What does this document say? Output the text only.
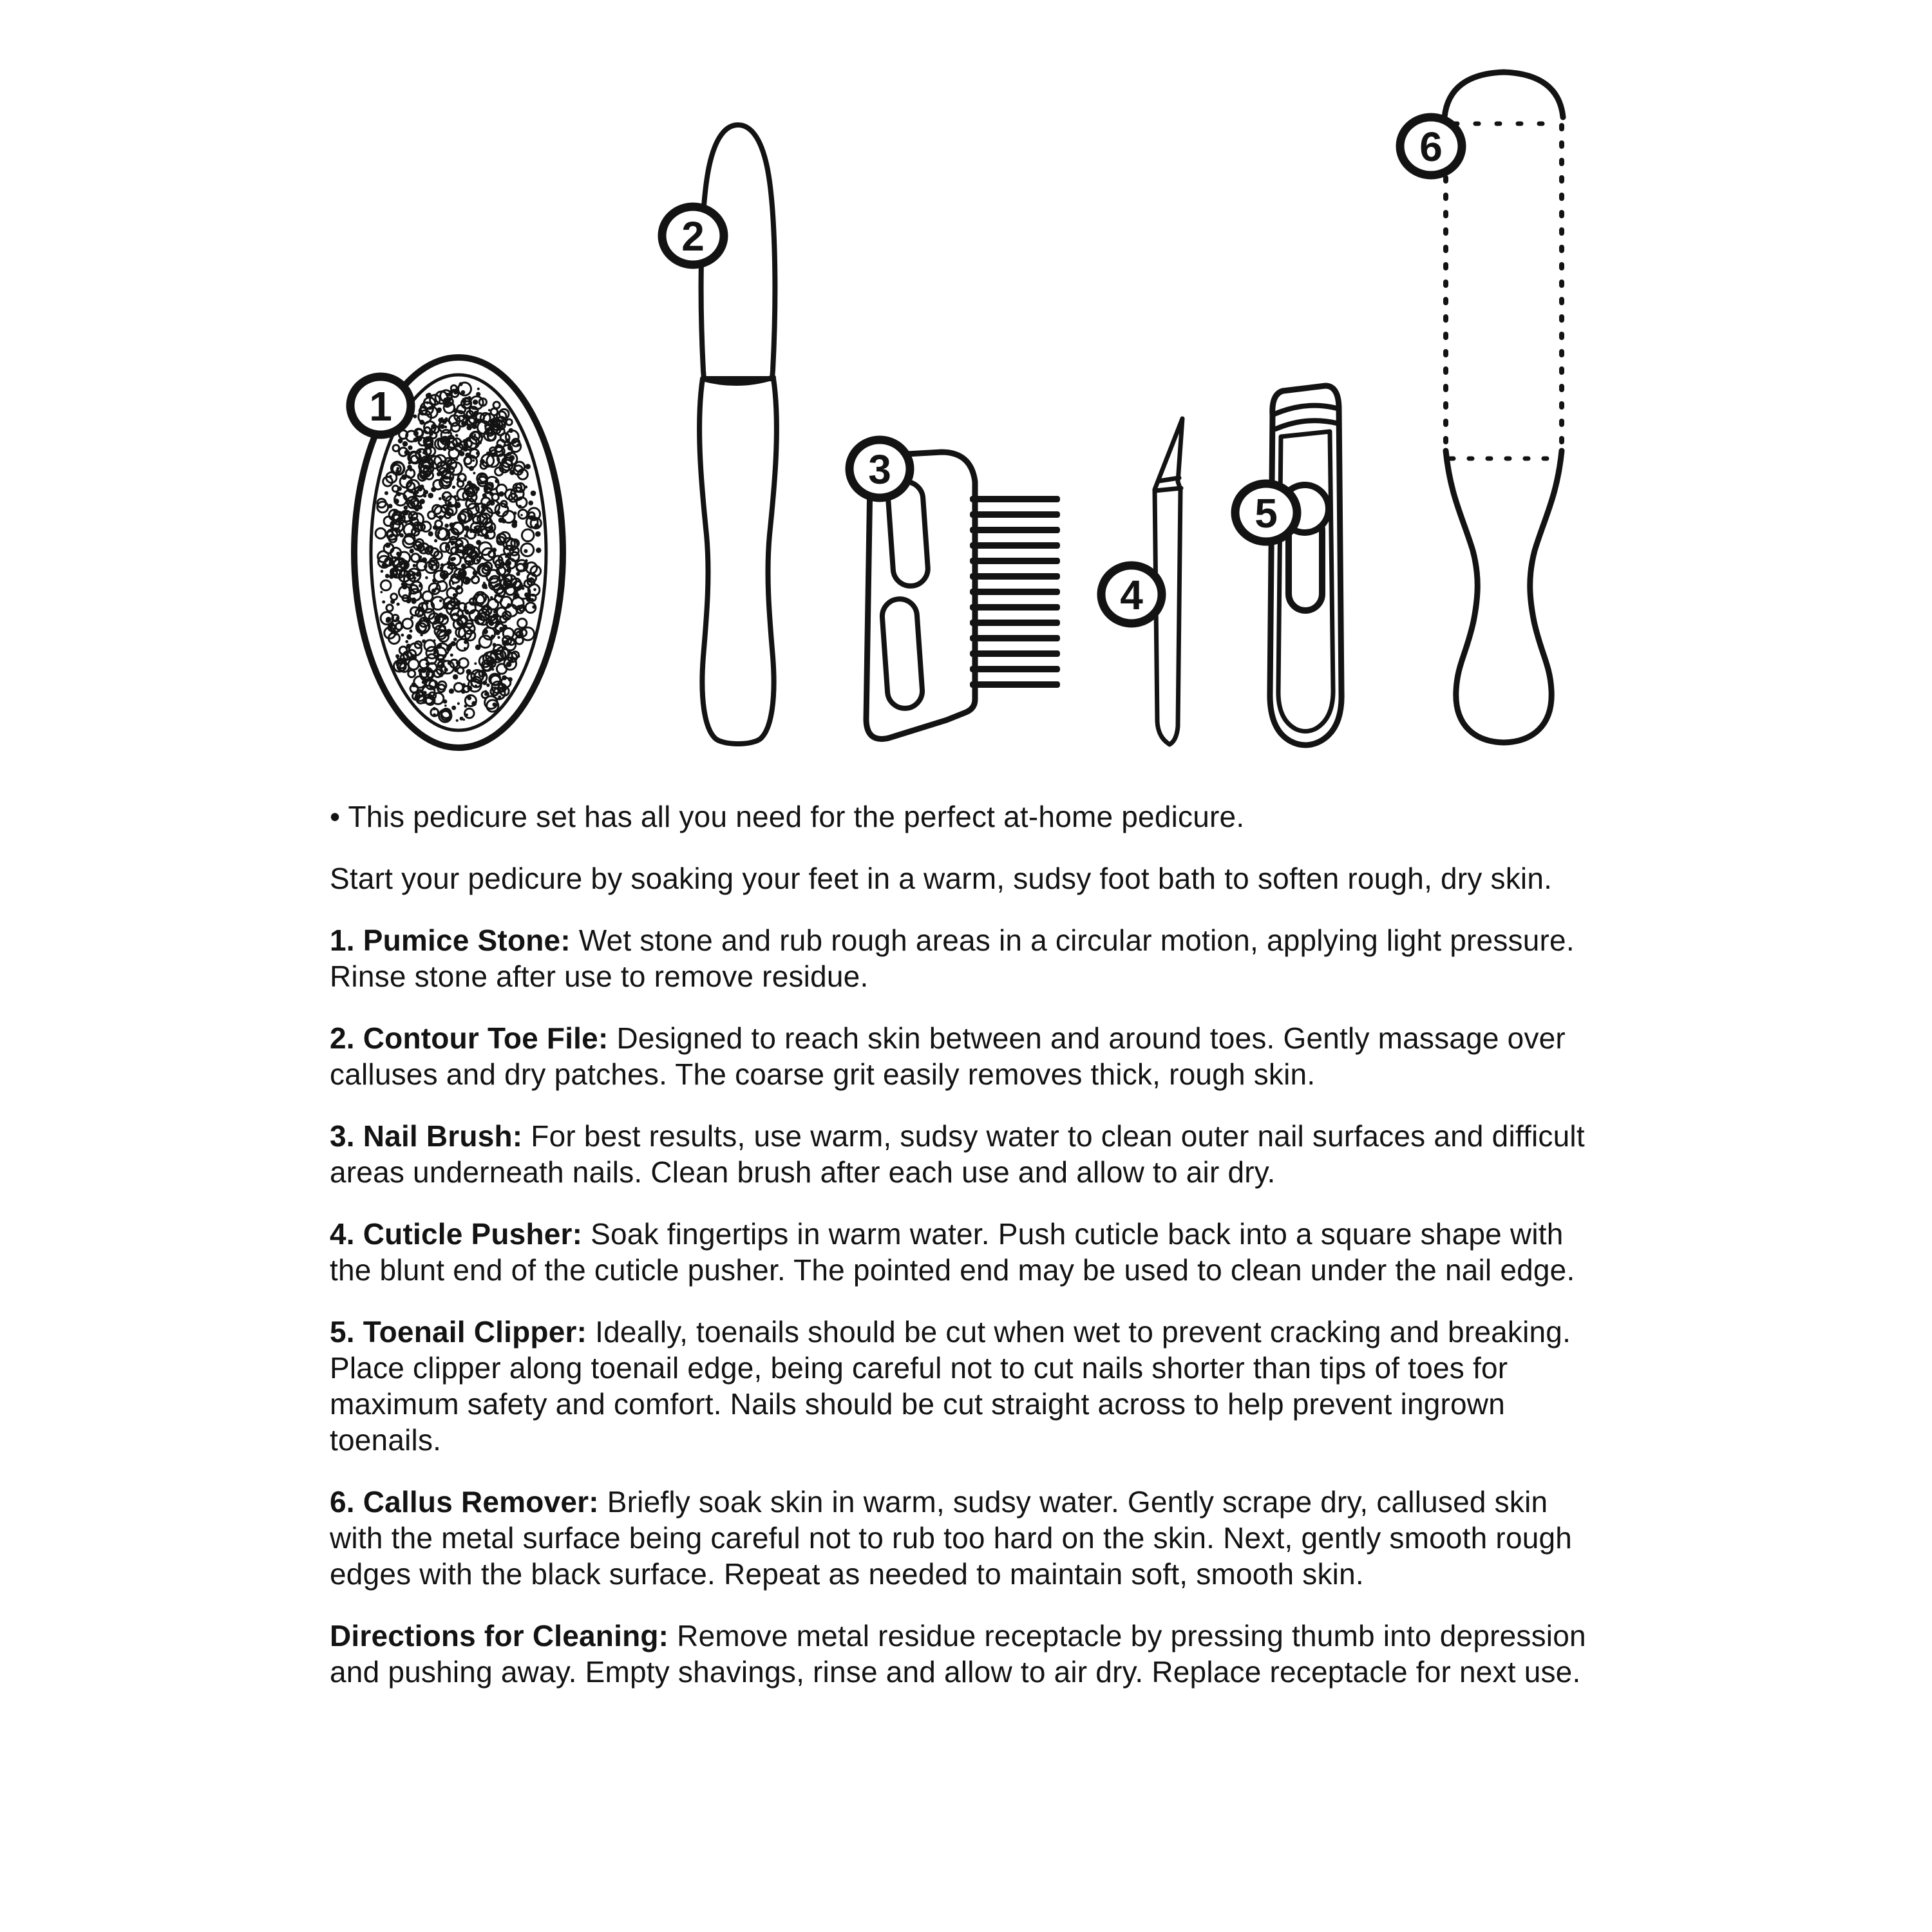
1
2
3
4
5
6

• This pedicure set has all you need for the perfect at-home pedicure.

Start your pedicure by soaking your feet in a warm, sudsy foot bath to soften rough, dry skin.

1. Pumice Stone: Wet stone and rub rough areas in a circular motion, applying light pressure. Rinse stone after use to remove residue.

2. Contour Toe File: Designed to reach skin between and around toes. Gently massage over calluses and dry patches. The coarse grit easily removes thick, rough skin.

3. Nail Brush: For best results, use warm, sudsy water to clean outer nail surfaces and difficult areas underneath nails. Clean brush after each use and allow to air dry.

4. Cuticle Pusher: Soak fingertips in warm water. Push cuticle back into a square shape with the blunt end of the cuticle pusher. The pointed end may be used to clean under the nail edge.

5. Toenail Clipper: Ideally, toenails should be cut when wet to prevent cracking and breaking. Place clipper along toenail edge, being careful not to cut nails shorter than tips of toes for maximum safety and comfort. Nails should be cut straight across to help prevent ingrown toenails.

6. Callus Remover: Briefly soak skin in warm, sudsy water. Gently scrape dry, callused skin with the metal surface being careful not to rub too hard on the skin. Next, gently smooth rough edges with the black surface. Repeat as needed to maintain soft, smooth skin.

Directions for Cleaning: Remove metal residue receptacle by pressing thumb into depression and pushing away. Empty shavings, rinse and allow to air dry. Replace receptacle for next use.
